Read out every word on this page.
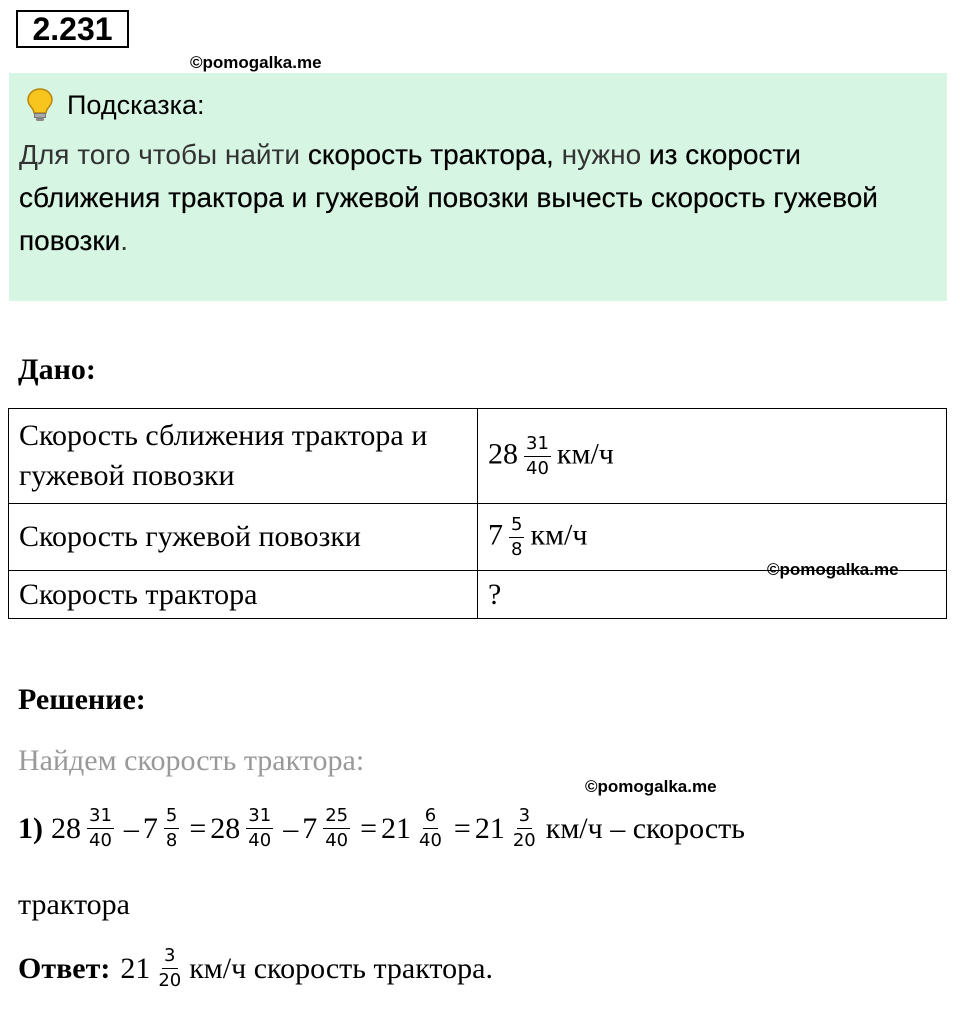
2.231
©pomogalka.me
Подсказка:
Для того чтобы найти скорость трактора, нужно из скорости сближения трактора и гужевой повозки вычесть скорость гужевой повозки.
©pomogalka.me
Дано:
Скорость сближения трактора и гужевой повозки	$28 \frac{31}{40} км/ч$
Скорость гужевой повозки	$7 \frac{5}{8} км/ч$
Скорость трактора	?
Решение:
Найдем скорость трактора:
©pomogalka.me
1) $28 \frac{31}{40} - 7 \frac{5}{8} = 28 \frac{31}{40} - 7 \frac{25}{40} = 21 \frac{6}{40} = 21 \frac{3}{20} км/ч$ – скорость
трактора
Ответ: $21 \frac{3}{20} км/ч$ скорость трактора.
